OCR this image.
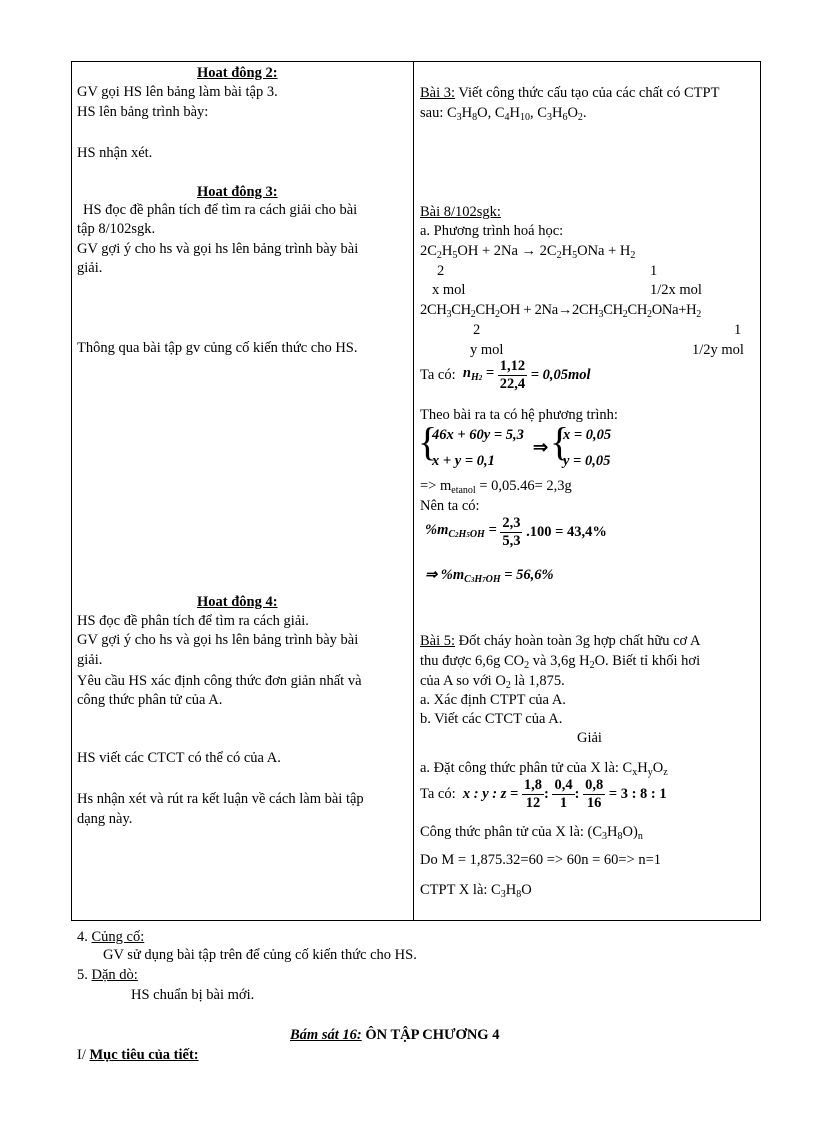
Hoat đông 2:
GV gọi HS lên bảng làm bài tập 3.
HS lên bảng trình bày:
HS nhận xét.
Hoat đông 3:
HS đọc đề phân tích để tìm ra cách giải cho bài
tập 8/102sgk.
GV gợi ý cho hs và gọi hs lên bảng trình bày bài
giải.
Thông qua bài tập gv củng cố kiến thức cho HS.
Hoat đông 4:
HS đọc đề phân tích để tìm ra cách giải.
GV gợi ý cho hs và gọi hs lên bảng trình bày bài
giải.
Yêu cầu HS xác định công thức đơn giản nhất và
công thức phân tử của A.
HS viết các CTCT có thể có của A.
Hs nhận xét và rút ra kết luận về cách làm bài tập
dạng này.
Bài 3: Viết công thức cấu tạo của các chất có CTPT
sau: $C_3H_8O$, $C_4H_{10}$, $C_3H_6O_2$.
Bài 8/102sgk:
a. Phương trình hoá học:
$2C_2H_5OH + 2Na \to 2C_2H_5ONa + H_2$
2	1
x mol	1/2x mol
$2CH_3CH_2CH_2OH + 2Na\to 2CH_3CH_2CH_2ONa+H_2$
2	1
y mol	1/2y mol
Ta có:  $n_{H2} = \frac{1,12}{22,4} = 0,05mol$
Theo bài ra ta có hệ phương trình:
{
46x + 60y = 5,3
x + y = 0,1
⇒ {
x = 0,05
y = 0,05
=> $m_{etanol} = 0,05.46= 2,3g$
Nên ta có:
$\%m_{C2H5OH} = \frac{2,3}{5,3} .100 = 43,4\%$
⇒ $\%m_{C3H7OH} = 56,6\%$
Bài 5: Đốt cháy hoàn toàn 3g hợp chất hữu cơ A
thu được 6,6g $CO_2$ và 3,6g $H_2O$. Biết tỉ khối hơi
của A so với $O_2$ là 1,875.
a. Xác định CTPT của A.
b. Viết các CTCT của A.
Giải
a. Đặt công thức phân tử của X là: $C_xH_yO_z$
Ta có: x : y : $z = \frac{1,8}{12}$ : $\frac{0,4}{1}$ : $\frac{0,8}{16} = 3$ : 8 : 1
Công thức phân tử của X là: $(C_3H_8O)_n$
Do M = 1,875.32=60 => 60n = 60=> n=1
CTPT X là: $C_3H_8O$
4. Củng cố:
GV sử dụng bài tập trên để củng cố kiến thức cho HS.
5. Dặn dò:
HS chuẩn bị bài mới.
Bám sát 16: ÔN TẬP CHƯƠNG 4
I/ Mục tiêu của tiết:
